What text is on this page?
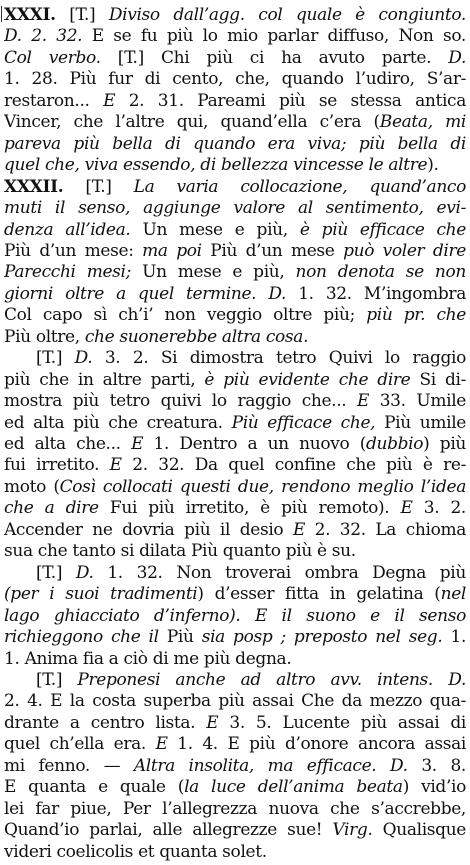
XXXI. [T.] Diviso dall’agg. col quale è congiunto.
D. 2. 32. E se fu più lo mio parlar diffuso, Non so.
Col verbo. [T.] Chi più ci ha avuto parte. D.
1. 28. Più fur di cento, che, quando l’udiro, S’ar-
restaron... E 2. 31. Pareami più se stessa antica
Vincer, che l’altre qui, quand’ella c’era (Beata, mi
pareva più bella di quando era viva; più bella di
quel che, viva essendo, di bellezza vincesse le altre).
XXXII. [T.] La varia collocazione, quand’anco
muti il senso, aggiunge valore al sentimento, evi-
denza all’idea. Un mese e più, è più efficace che
Più d’un mese: ma poi Più d’un mese può voler dire
Parecchi mesi; Un mese e più, non denota se non
giorni oltre a quel termine. D. 1. 32. M’ingombra
Col capo sì ch’i’ non veggio oltre più; più pr. che
Più oltre, che suonerebbe altra cosa.
[T.] D. 3. 2. Si dimostra tetro Quivi lo raggio
più che in altre parti, è più evidente che dire Si di-
mostra più tetro quivi lo raggio che... E 33. Umile
ed alta più che creatura. Più efficace che, Più umile
ed alta che... E 1. Dentro a un nuovo (dubbio) più
fui irretito. E 2. 32. Da quel confine che più è re-
moto (Così collocati questi due, rendono meglio l’idea
che a dire Fui più irretito, è più remoto). E 3. 2.
Accender ne dovria più il desio E 2. 32. La chioma
sua che tanto si dilata Più quanto più è su.
[T.] D. 1. 32. Non troverai ombra Degna più
(per i suoi tradimenti) d’esser fitta in gelatina (nel
lago ghiacciato d’inferno). E il suono e il senso
richieggono che il Più sia posp ; preposto nel seg. 1.
1. Anima fia a ciò di me più degna.
[T.] Preponesi anche ad altro avv. intens. D.
2. 4. E la costa superba più assai Che da mezzo qua-
drante a centro lista. E 3. 5. Lucente più assai di
quel ch’ella era. E 1. 4. E più d’onore ancora assai
mi fenno. — Altra insolita, ma efficace. D. 3. 8.
E quanta e quale (la luce dell’anima beata) vid’io
lei far piue, Per l’allegrezza nuova che s’accrebbe,
Quand’io parlai, alle allegrezze sue! Virg. Qualisque
videri coelicolis et quanta solet.
